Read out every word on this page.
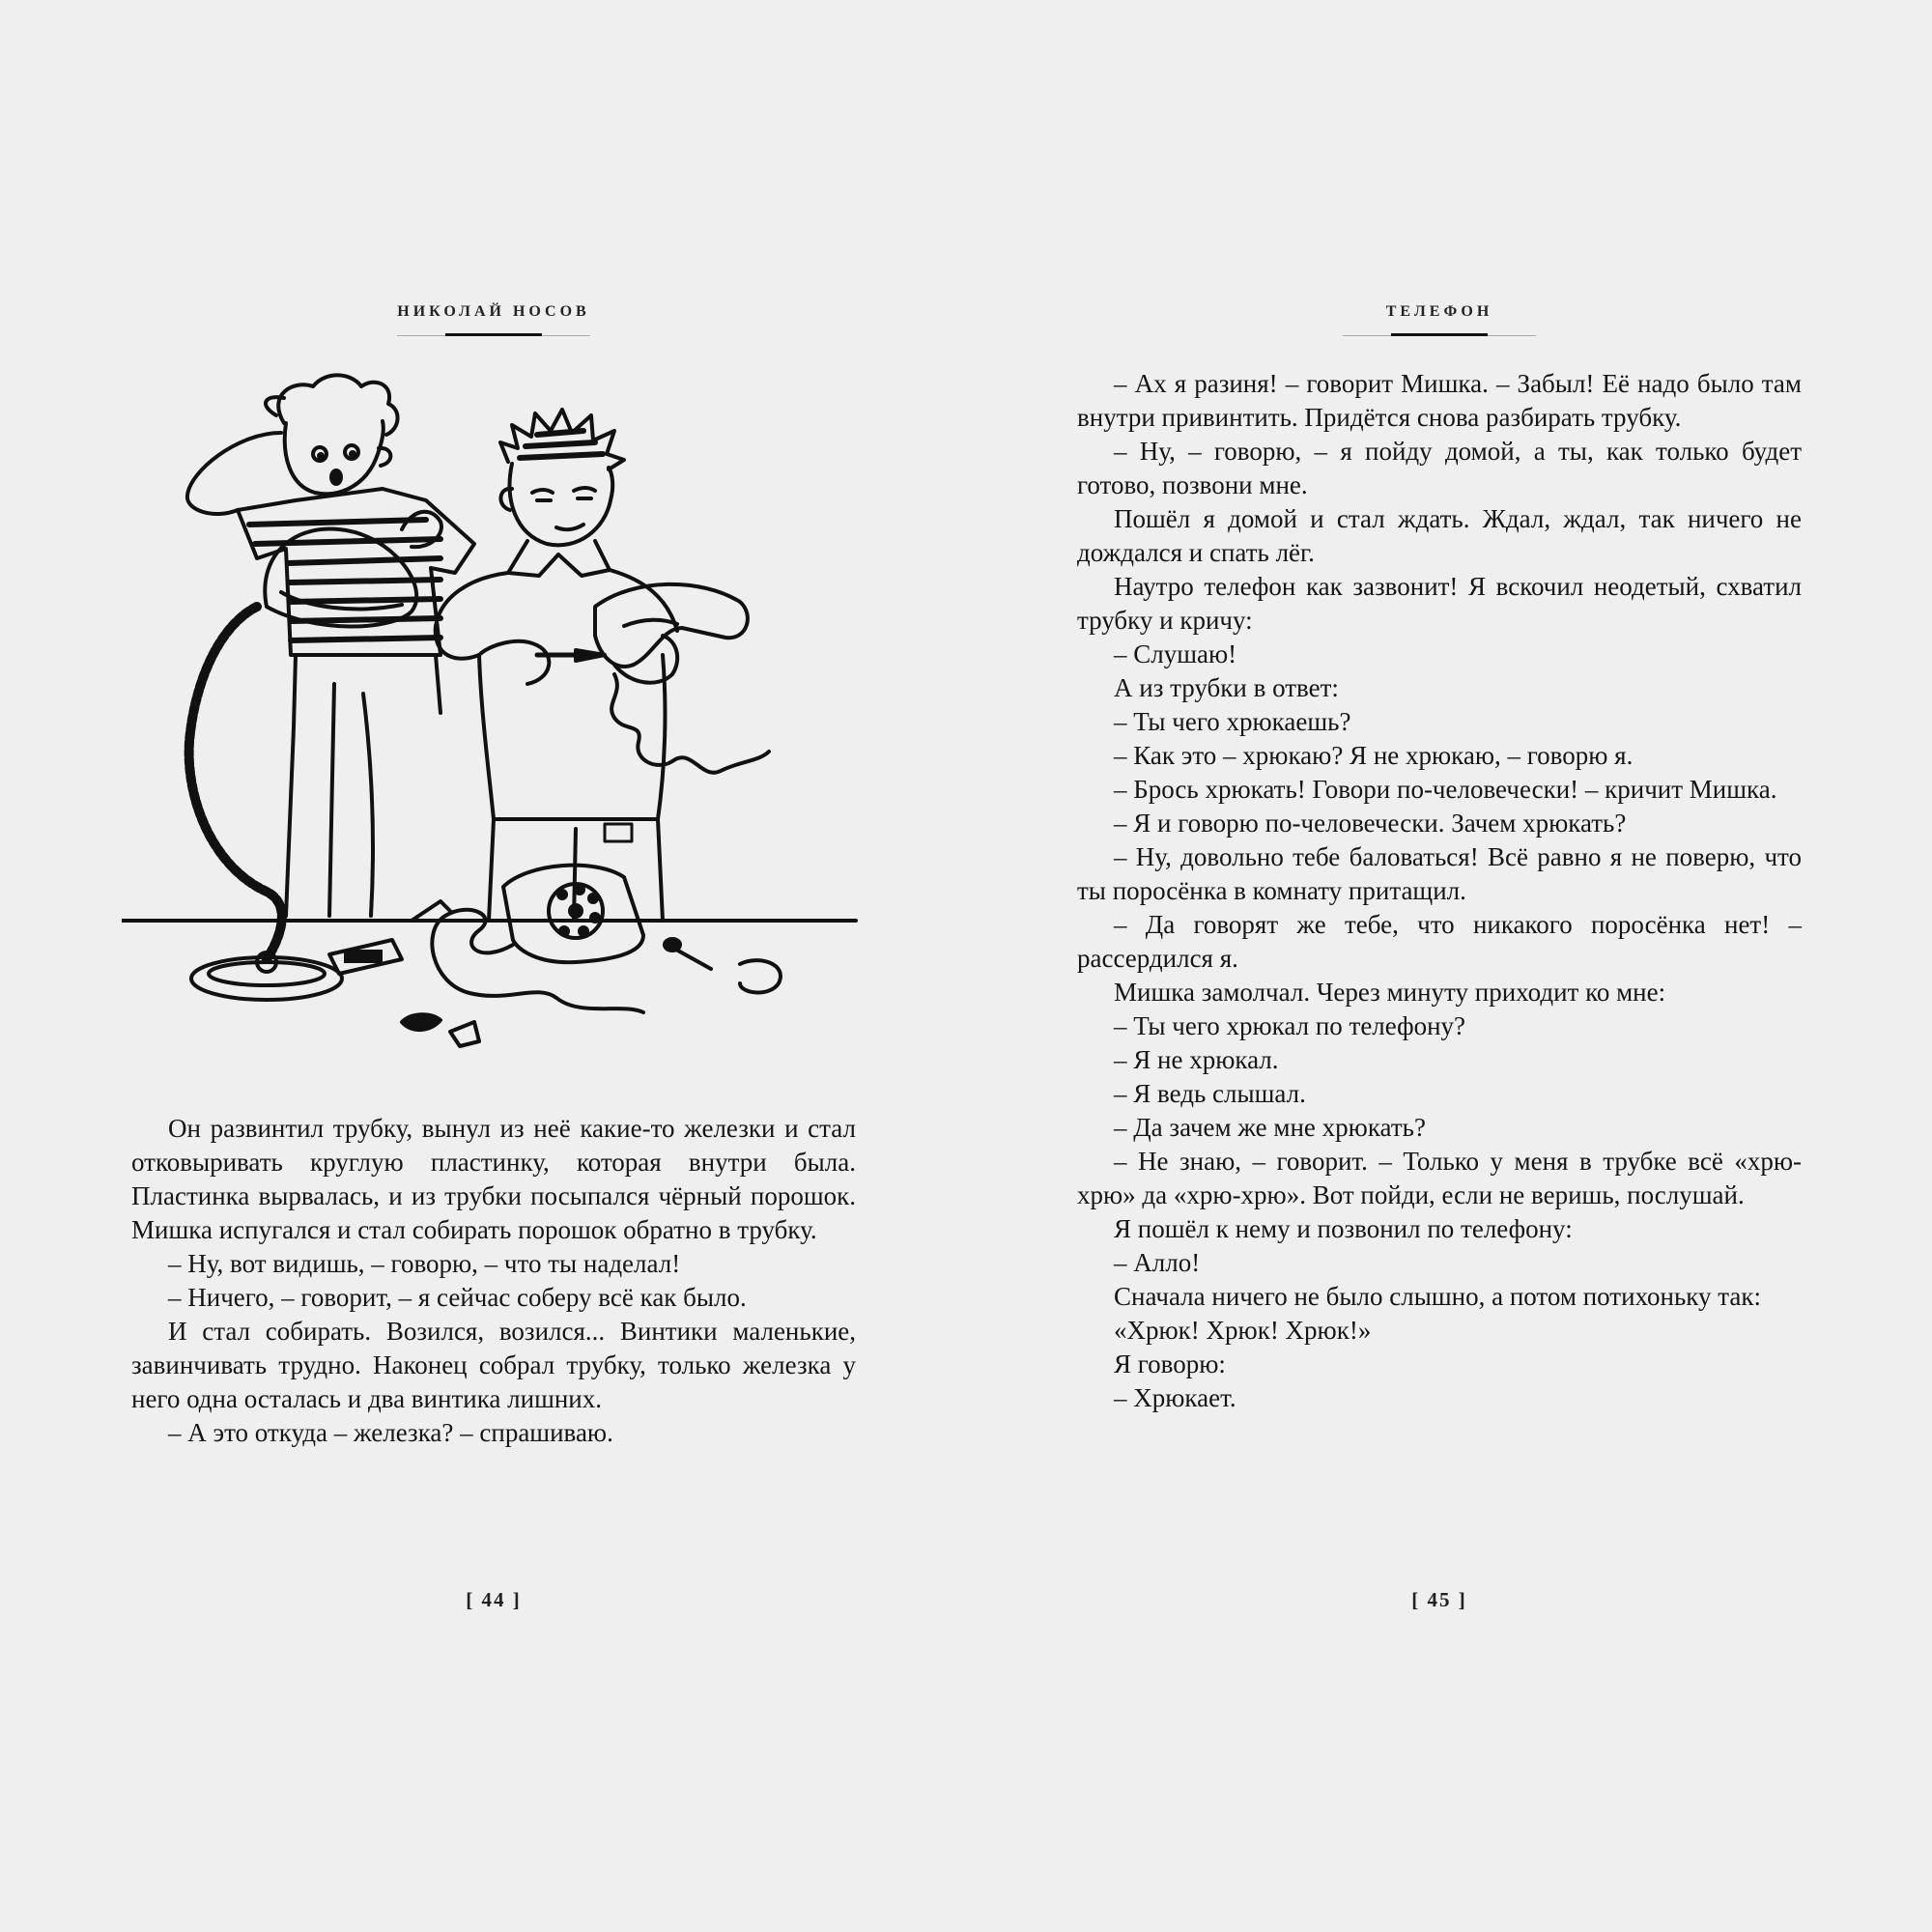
НИКОЛАЙ НОСОВ

Он развинтил трубку, вынул из неё какие-то железки и стал отковыривать круглую пластинку, которая внутри была. Пластинка вырвалась, и из трубки посыпался чёрный порошок. Мишка испугался и стал собирать порошок обратно в трубку.

– Ну, вот видишь, – говорю, – что ты наделал!

– Ничего, – говорит, – я сейчас соберу всё как было.

И стал собирать. Возился, возился... Винтики маленькие, завинчивать трудно. Наконец собрал трубку, только железка у него одна осталась и два винтика лишних.

– А это откуда – железка? – спрашиваю.

[ 44 ]
ТЕЛЕФОН

– Ах я разиня! – говорит Мишка. – Забыл! Её надо было там внутри привинтить. Придётся снова разбирать трубку.

– Ну, – говорю, – я пойду домой, а ты, как только будет готово, позвони мне.

Пошёл я домой и стал ждать. Ждал, ждал, так ничего не дождался и спать лёг.

Наутро телефон как зазвонит! Я вскочил неодетый, схватил трубку и кричу:

– Слушаю!

А из трубки в ответ:

– Ты чего хрюкаешь?

– Как это – хрюкаю? Я не хрюкаю, – говорю я.

– Брось хрюкать! Говори по-человечески! – кричит Мишка.

– Я и говорю по-человечески. Зачем хрюкать?

– Ну, довольно тебе баловаться! Всё равно я не поверю, что ты поросёнка в комнату притащил.

– Да говорят же тебе, что никакого поросёнка нет! – рассердился я.

Мишка замолчал. Через минуту приходит ко мне:

– Ты чего хрюкал по телефону?

– Я не хрюкал.

– Я ведь слышал.

– Да зачем же мне хрюкать?

– Не знаю, – говорит. – Только у меня в трубке всё «хрю-хрю» да «хрю-хрю». Вот пойди, если не веришь, послушай.

Я пошёл к нему и позвонил по телефону:

– Алло!

Сначала ничего не было слышно, а потом потихоньку так:

«Хрюк! Хрюк! Хрюк!»

Я говорю:

– Хрюкает.

[ 45 ]
